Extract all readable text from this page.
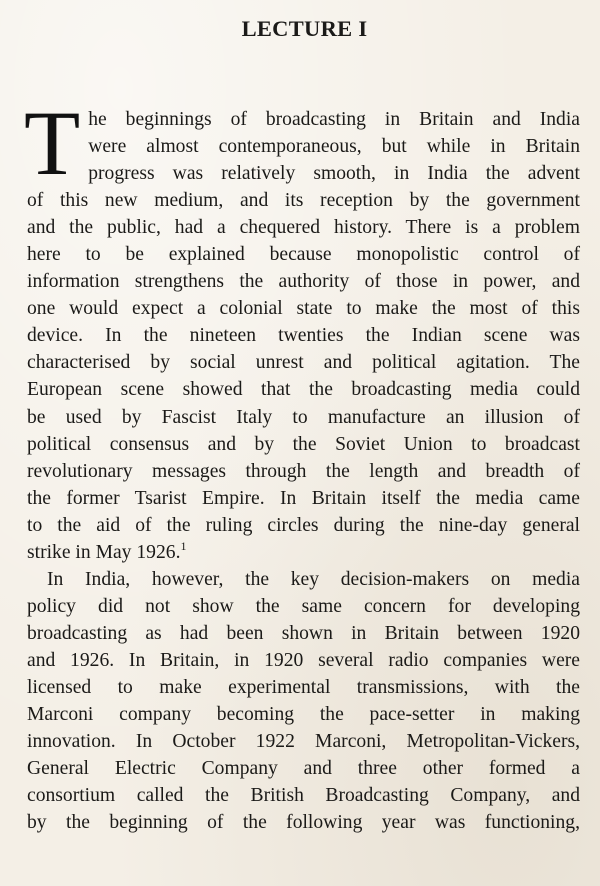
LECTURE I

T he beginnings of broadcasting in Britain and India
were almost contemporaneous, but while in Britain
progress was relatively smooth, in India the advent
of this new medium, and its reception by the government
and the public, had a chequered history. There is a problem
here to be explained because monopolistic control of
information strengthens the authority of those in power, and
one would expect a colonial state to make the most of this
device. In the nineteen twenties the Indian scene was
characterised by social unrest and political agitation. The
European scene showed that the broadcasting media could
be used by Fascist Italy to manufacture an illusion of
political consensus and by the Soviet Union to broadcast
revolutionary messages through the length and breadth of
the former Tsarist Empire. In Britain itself the media came
to the aid of the ruling circles during the nine-day general
strike in May 1926.$^1$

In India, however, the key decision-makers on media
policy did not show the same concern for developing
broadcasting as had been shown in Britain between 1920
and 1926. In Britain, in 1920 several radio companies were
licensed to make experimental transmissions, with the
Marconi company becoming the pace-setter in making
innovation. In October 1922 Marconi, Metropolitan-Vickers,
General Electric Company and three other formed a
consortium called the British Broadcasting Company, and
by the beginning of the following year was functioning,
